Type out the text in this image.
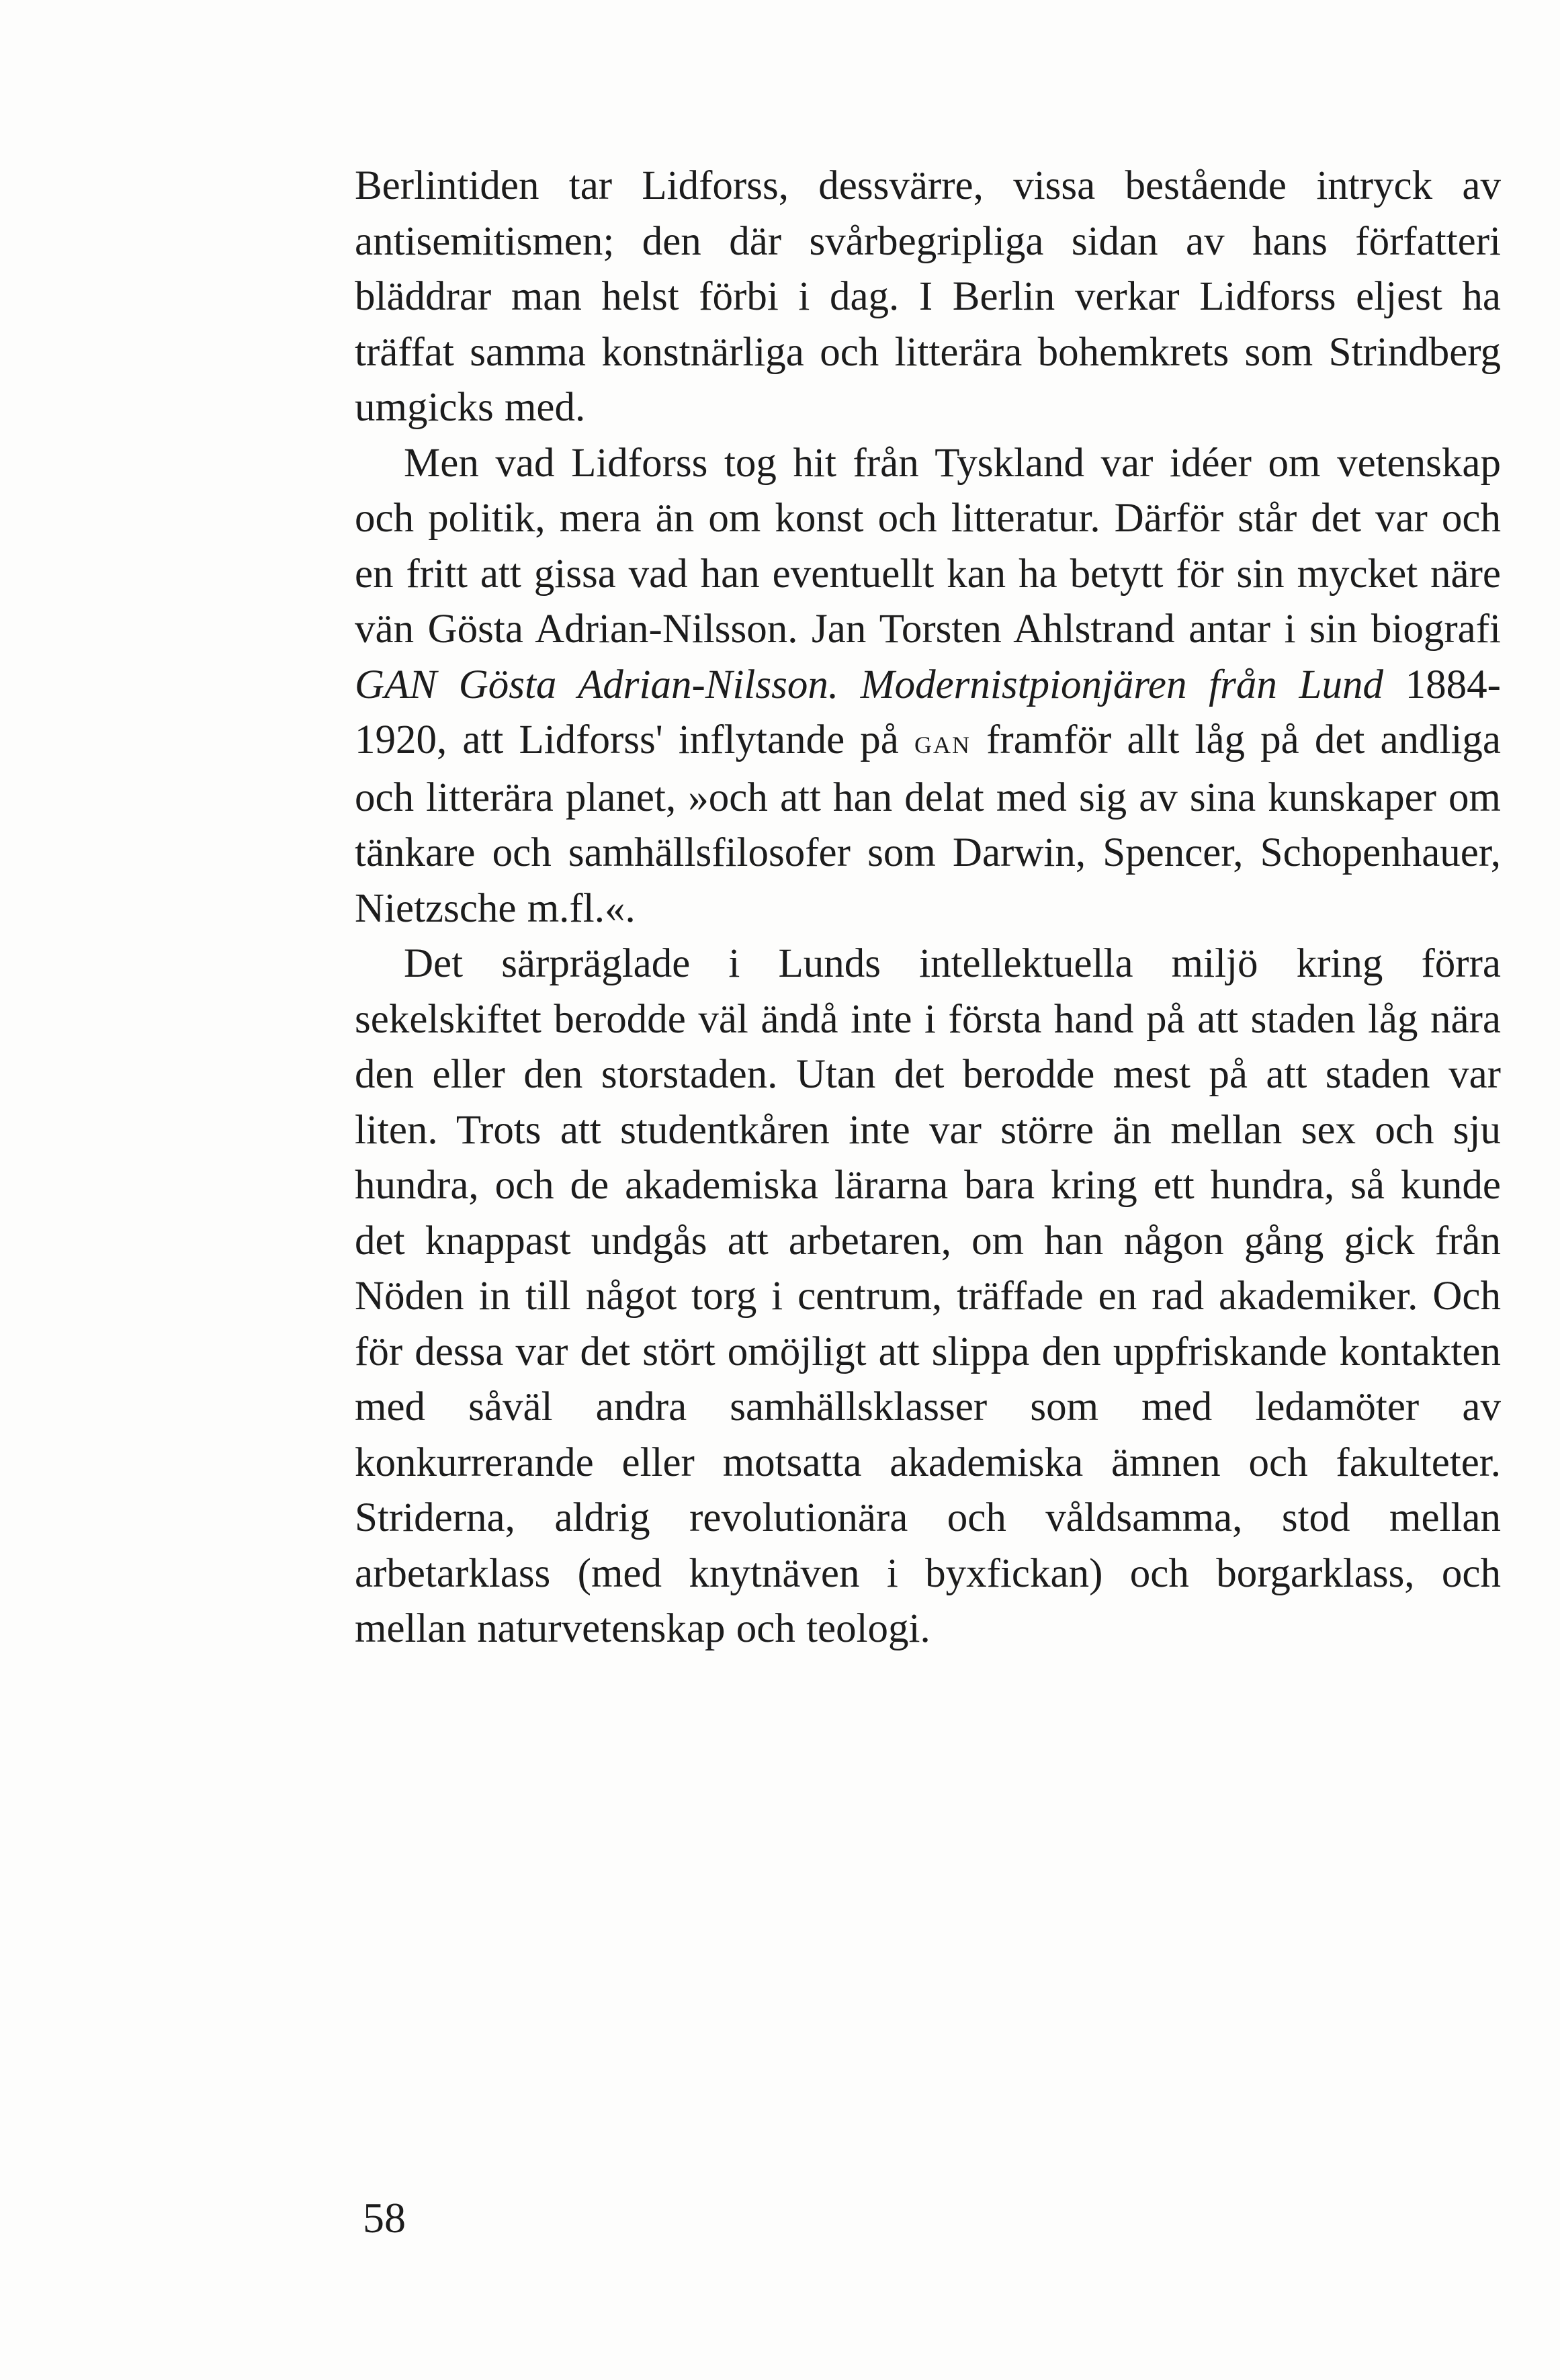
Berlintiden tar Lidforss, dessvärre, vissa bestående intryck av antisemitismen; den där svårbegripliga sidan av hans författeri bläddrar man helst förbi i dag. I Berlin verkar Lidforss eljest ha träffat samma konstnärliga och litterära bohemkrets som Strindberg umgicks med.

Men vad Lidforss tog hit från Tyskland var idéer om vetenskap och politik, mera än om konst och litteratur. Därför står det var och en fritt att gissa vad han eventuellt kan ha betytt för sin mycket näre vän Gösta Adrian-Nilsson. Jan Torsten Ahlstrand antar i sin biografi GAN Gösta Adrian-Nilsson. Modernistpionjären från Lund 1884-1920, att Lidforss' inflytande på gan framför allt låg på det andliga och litterära planet, »och att han delat med sig av sina kunskaper om tänkare och samhällsfilosofer som Darwin, Spencer, Schopenhauer, Nietzsche m.fl.«.

Det särpräglade i Lunds intellektuella miljö kring förra sekelskiftet berodde väl ändå inte i första hand på att staden låg nära den eller den storstaden. Utan det berodde mest på att staden var liten. Trots att studentkåren inte var större än mellan sex och sju hundra, och de akademiska lärarna bara kring ett hundra, så kunde det knappast undgås att arbetaren, om han någon gång gick från Nöden in till något torg i centrum, träffade en rad akademiker. Och för dessa var det stört omöjligt att slippa den uppfriskande kontakten med såväl andra samhällsklasser som med ledamöter av konkurrerande eller motsatta akademiska ämnen och fakulteter. Striderna, aldrig revolutionära och våldsamma, stod mellan arbetarklass (med knytnäven i byxfickan) och borgarklass, och mellan naturvetenskap och teologi.

58
